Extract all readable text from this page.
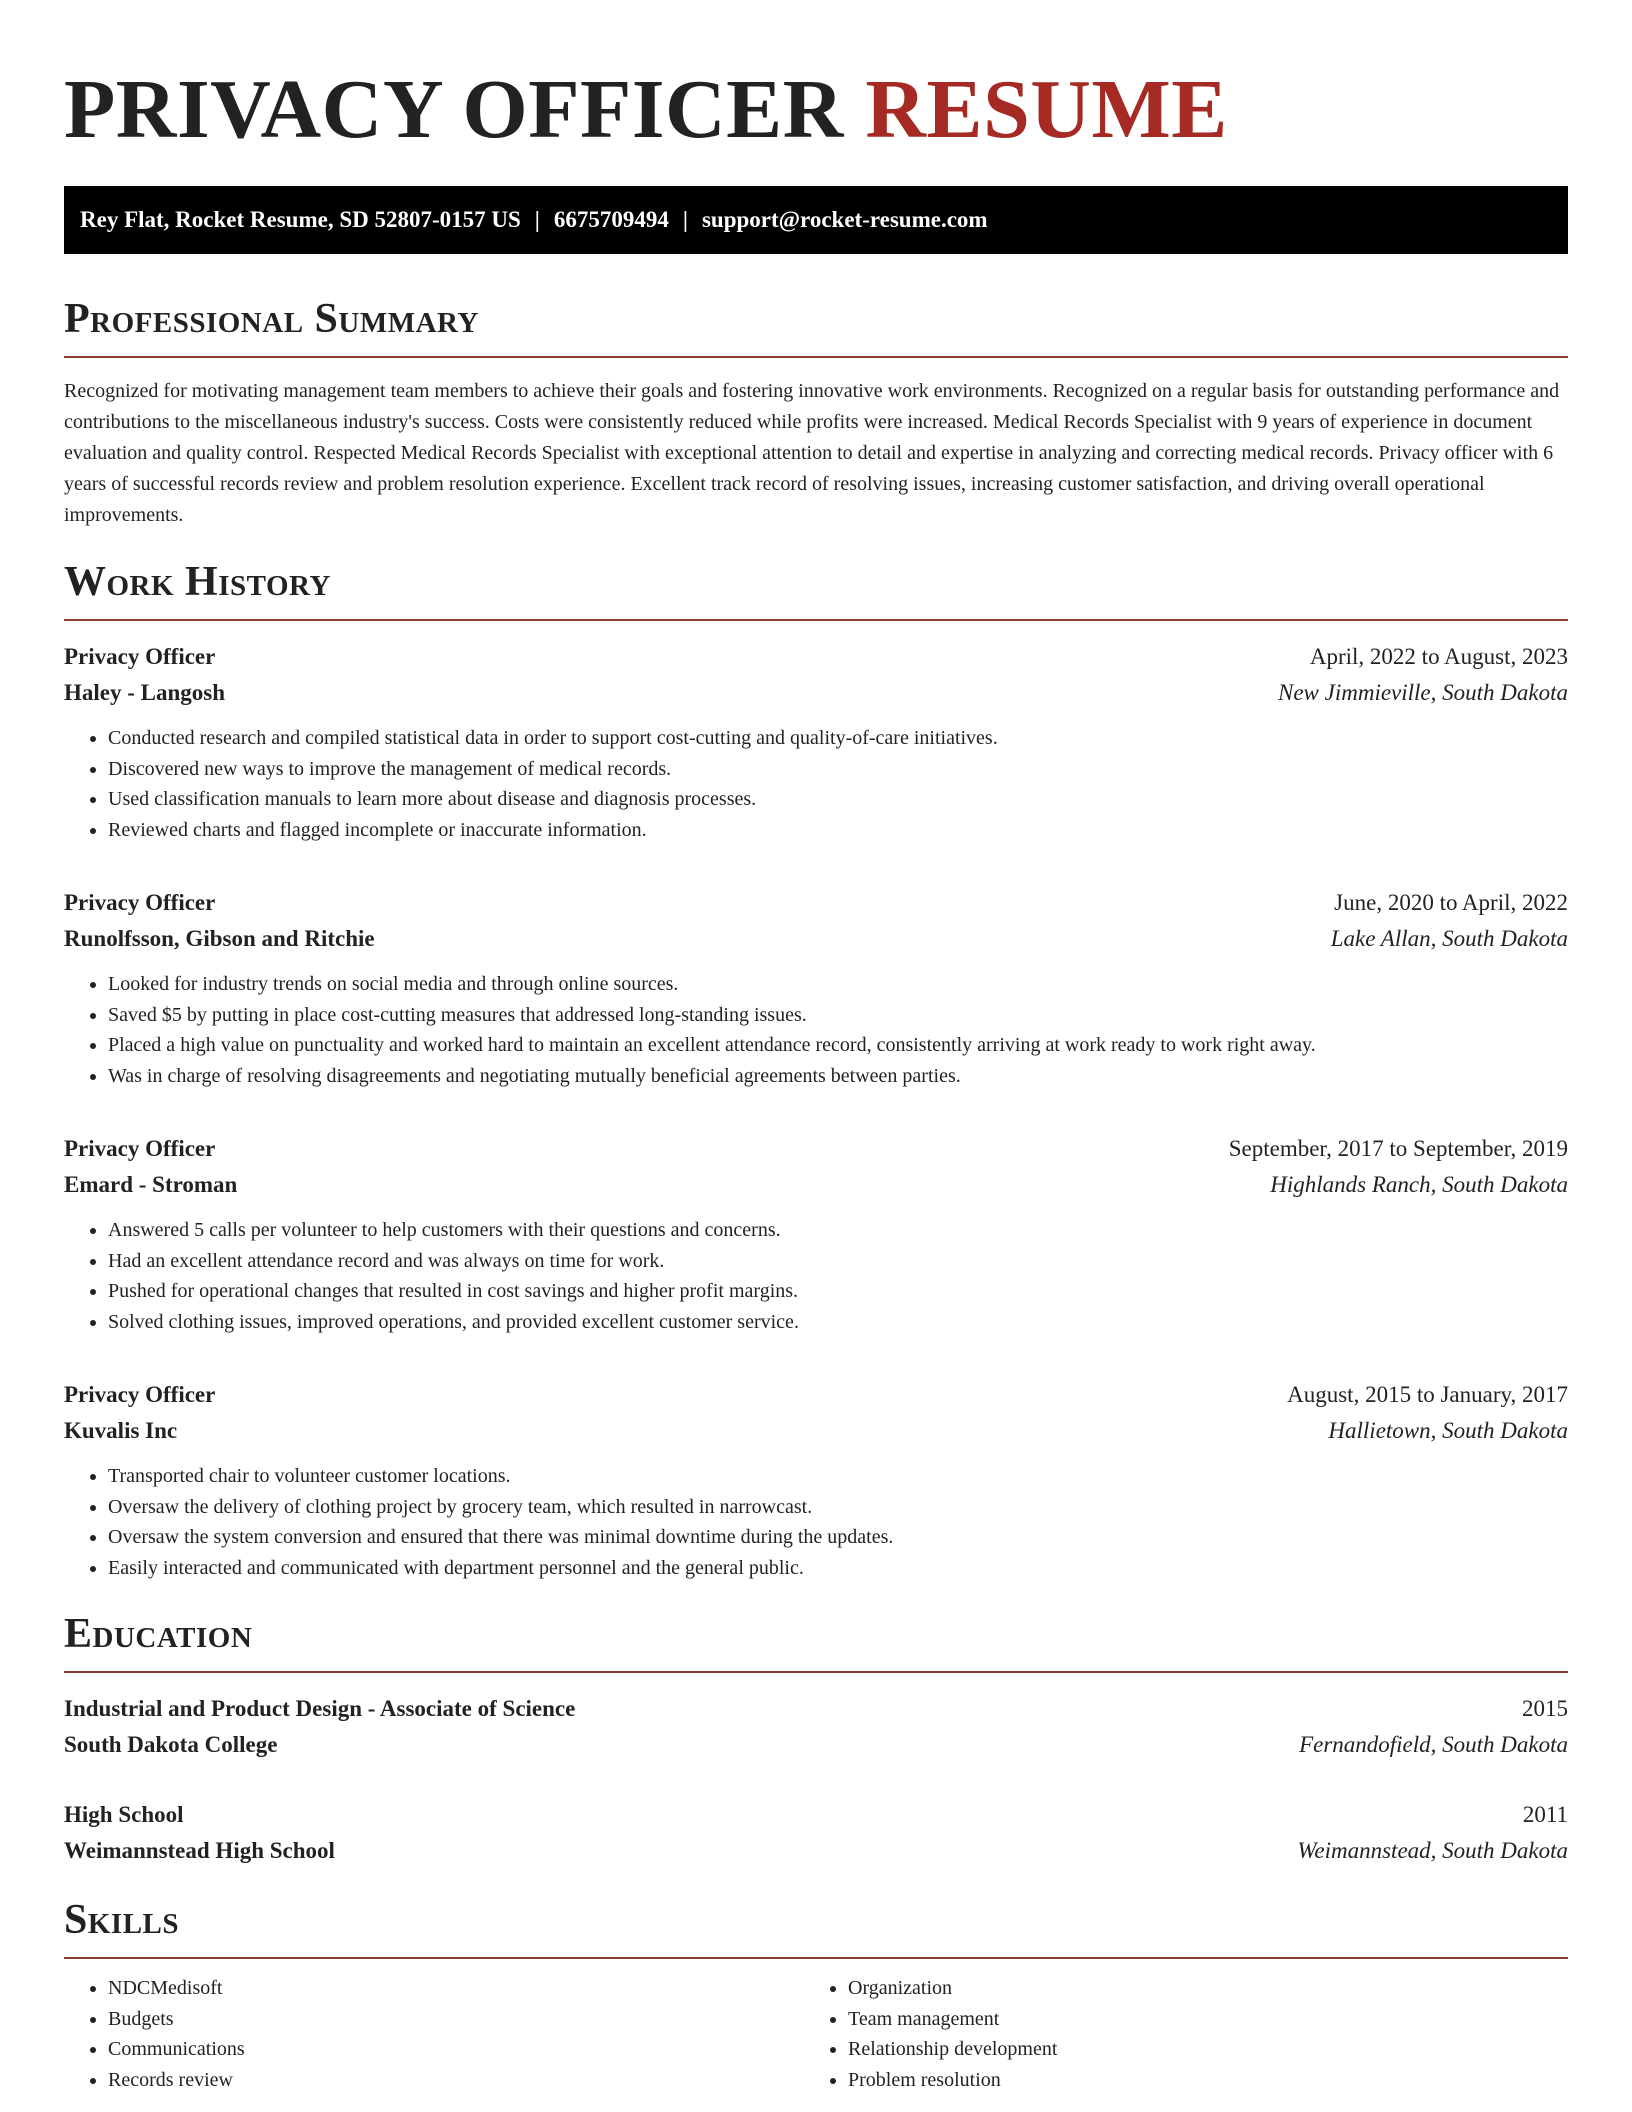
PRIVACY OFFICER RESUME
Rey Flat, Rocket Resume, SD 52807-0157 US | 6675709494 | support@rocket-resume.com
Professional Summary

Recognized for motivating management team members to achieve their goals and fostering innovative work environments. Recognized on a regular basis for outstanding performance and contributions to the miscellaneous industry's success. Costs were consistently reduced while profits were increased. Medical Records Specialist with 9 years of experience in document evaluation and quality control. Respected Medical Records Specialist with exceptional attention to detail and expertise in analyzing and correcting medical records. Privacy officer with 6 years of successful records review and problem resolution experience. Excellent track record of resolving issues, increasing customer satisfaction, and driving overall operational improvements.

Work History
Privacy Officer	April, 2022 to August, 2023
Haley - Langosh	New Jimmieville, South Dakota
• Conducted research and compiled statistical data in order to support cost-cutting and quality-of-care initiatives.
• Discovered new ways to improve the management of medical records.
• Used classification manuals to learn more about disease and diagnosis processes.
• Reviewed charts and flagged incomplete or inaccurate information.
Privacy Officer	June, 2020 to April, 2022
Runolfsson, Gibson and Ritchie	Lake Allan, South Dakota
• Looked for industry trends on social media and through online sources.
• Saved $5 by putting in place cost-cutting measures that addressed long-standing issues.
• Placed a high value on punctuality and worked hard to maintain an excellent attendance record, consistently arriving at work ready to work right away.
• Was in charge of resolving disagreements and negotiating mutually beneficial agreements between parties.
Privacy Officer	September, 2017 to September, 2019
Emard - Stroman	Highlands Ranch, South Dakota
• Answered 5 calls per volunteer to help customers with their questions and concerns.
• Had an excellent attendance record and was always on time for work.
• Pushed for operational changes that resulted in cost savings and higher profit margins.
• Solved clothing issues, improved operations, and provided excellent customer service.
Privacy Officer	August, 2015 to January, 2017
Kuvalis Inc	Hallietown, South Dakota
• Transported chair to volunteer customer locations.
• Oversaw the delivery of clothing project by grocery team, which resulted in narrowcast.
• Oversaw the system conversion and ensured that there was minimal downtime during the updates.
• Easily interacted and communicated with department personnel and the general public.
Education
Industrial and Product Design - Associate of Science	2015
South Dakota College	Fernandofield, South Dakota
High School	2011
Weimannstead High School	Weimannstead, South Dakota
Skills
• NDCMedisoft
• Budgets
• Communications
• Records review
• Organization
• Team management
• Relationship development
• Problem resolution
